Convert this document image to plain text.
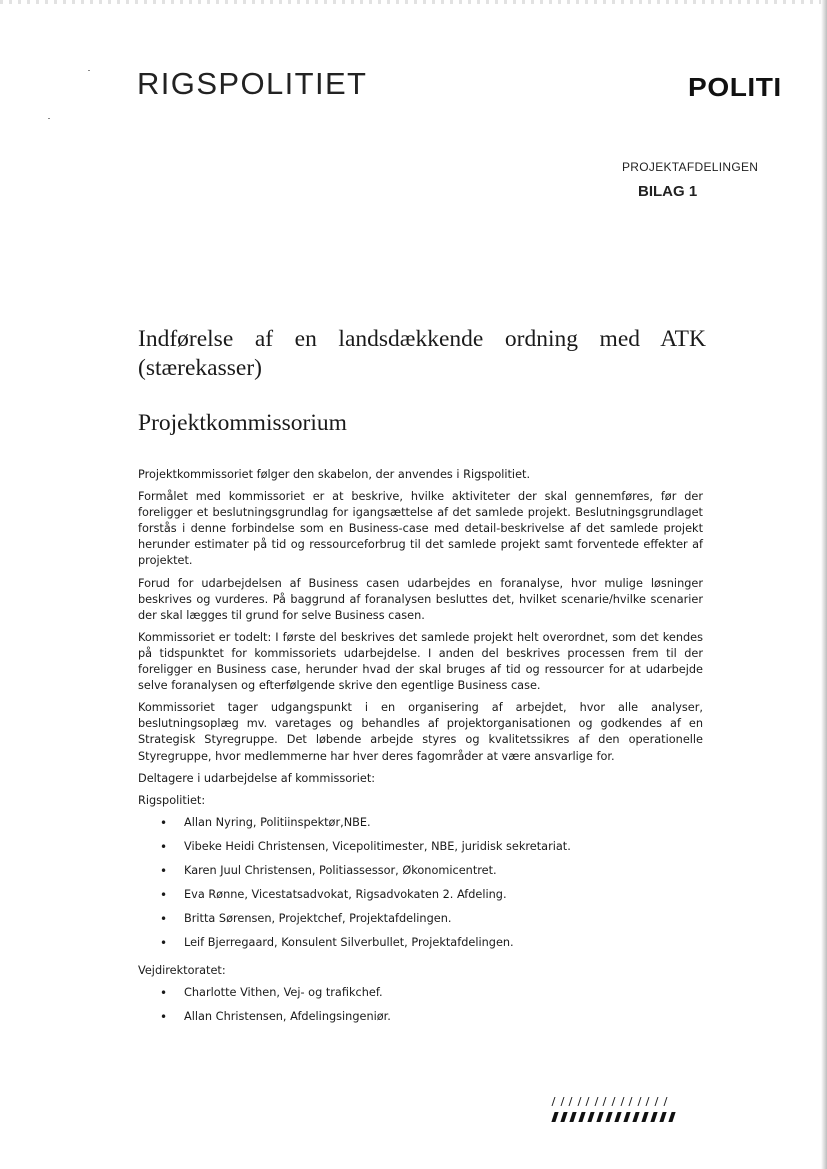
RIGSPOLITIET	POLITI
PROJEKTAFDELINGEN
BILAG 1
Indførelse af en landsdækkende ordning med ATK (stærekasser)
Projektkommissorium

Projektkommissoriet følger den skabelon, der anvendes i Rigspolitiet.

Formålet med kommissoriet er at beskrive, hvilke aktiviteter der skal gennemføres, før der foreligger et beslutningsgrundlag for igangsættelse af det samlede projekt. Beslutningsgrundlaget forstås i denne forbindelse som en Business-case med detail-beskrivelse af det samlede projekt herunder estimater på tid og ressourceforbrug til det samlede projekt samt forventede effekter af projektet.

Forud for udarbejdelsen af Business casen udarbejdes en foranalyse, hvor mulige løsninger beskrives og vurderes. På baggrund af foranalysen besluttes det, hvilket scenarie/hvilke scenarier der skal lægges til grund for selve Business casen.

Kommissoriet er todelt: I første del beskrives det samlede projekt helt overordnet, som det kendes på tidspunktet for kommissoriets udarbejdelse. I anden del beskrives processen frem til der foreligger en Business case, herunder hvad der skal bruges af tid og ressourcer for at udarbejde selve foranalysen og efterfølgende skrive den egentlige Business case.

Kommissoriet tager udgangspunkt i en organisering af arbejdet, hvor alle analyser, beslutningsoplæg mv. varetages og behandles af projektorganisationen og godkendes af en Strategisk Styregruppe. Det løbende arbejde styres og kvalitetssikres af den operationelle Styregruppe, hvor medlemmerne har hver deres fagområder at være ansvarlige for.

Deltagere i udarbejdelse af kommissoriet:
Rigspolitiet:
• Allan Nyring, Politiinspektør,NBE.
• Vibeke Heidi Christensen, Vicepolitimester, NBE, juridisk sekretariat.
• Karen Juul Christensen, Politiassessor, Økonomicentret.
• Eva Rønne, Vicestatsadvokat, Rigsadvokaten 2. Afdeling.
• Britta Sørensen, Projektchef, Projektafdelingen.
• Leif Bjerregaard, Konsulent Silverbullet, Projektafdelingen.
Vejdirektoratet:
• Charlotte Vithen, Vej- og trafikchef.
• Allan Christensen, Afdelingsingeniør.
